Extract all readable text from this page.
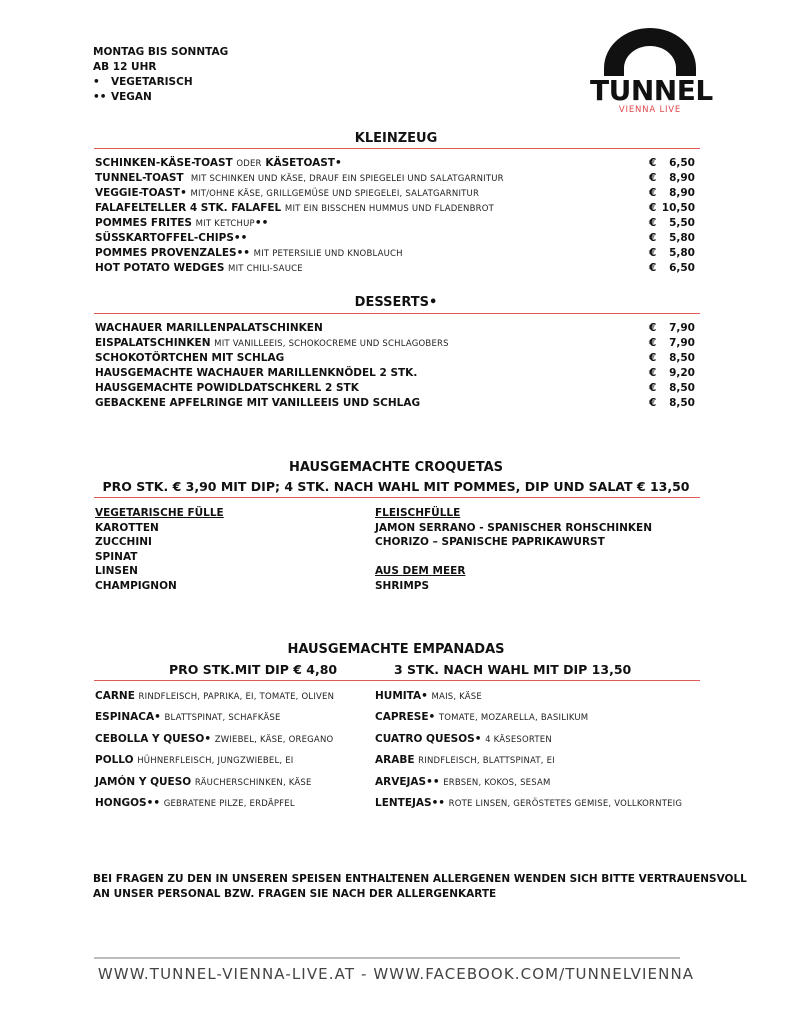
MONTAG BIS SONNTAG
AB 12 UHR
•	VEGETARISCH
•• VEGAN	TUNNEL
VIENNA LIVE
KLEINZEUG
SCHINKEN-KÄSE-TOAST ODER KÄSETOAST•	€ 6,50
TUNNEL-TOAST MIT SCHINKEN UND KÄSE, DRAUF EIN SPIEGELEI UND SALATGARNITUR	€ 8,90
VEGGIE-TOAST• MIT/OHNE KÄSE, GRILLGEMÜSE UND SPIEGELEI, SALATGARNITUR	€ 8,90
FALAFELTELLER 4 STK. FALAFEL MIT EIN BISSCHEN HUMMUS UND FLADENBROT	€ 10,50
POMMES FRITES MIT KETCHUP••	€ 5,50
SÜSSKARTOFFEL-CHIPS••	€ 5,80
POMMES PROVENZALES•• MIT PETERSILIE UND KNOBLAUCH	€ 5,80
HOT POTATO WEDGES MIT CHILI-SAUCE	€ 6,50
DESSERTS•
WACHAUER MARILLENPALATSCHINKEN	€ 7,90
EISPALATSCHINKEN MIT VANILLEEIS, SCHOKOCREME UND SCHLAGOBERS	€ 7,90
SCHOKOTÖRTCHEN MIT SCHLAG	€ 8,50
HAUSGEMACHTE WACHAUER MARILLENKNÖDEL 2 STK.	€ 9,20
HAUSGEMACHTE POWIDLDATSCHKERL 2 STK	€ 8,50
GEBACKENE APFELRINGE MIT VANILLEEIS UND SCHLAG	€ 8,50
HAUSGEMACHTE CROQUETAS
PRO STK. € 3,90 MIT DIP; 4 STK. NACH WAHL MIT POMMES, DIP UND SALAT € 13,50
VEGETARISCHE FÜLLE
KAROTTEN
ZUCCHINI
SPINAT
LINSEN
CHAMPIGNON
FLEISCHFÜLLE
JAMON SERRANO - SPANISCHER ROHSCHINKEN
CHORIZO – SPANISCHE PAPRIKAWURST
AUS DEM MEER
SHRIMPS
HAUSGEMACHTE EMPANADAS
PRO STK.MIT DIP € 4,80	3 STK. NACH WAHL MIT DIP 13,50
CARNE RINDFLEISCH, PAPRIKA, EI, TOMATE, OLIVEN
ESPINACA• BLATTSPINAT, SCHAFKÄSE
CEBOLLA Y QUESO• ZWIEBEL, KÄSE, OREGANO
POLLO HÜHNERFLEISCH, JUNGZWIEBEL, EI
JAMÓN Y QUESO RÄUCHERSCHINKEN, KÄSE
HONGOS•• GEBRATENE PILZE, ERDÄPFEL
HUMITA• MAIS, KÄSE
CAPRESE• TOMATE, MOZARELLA, BASILIKUM
CUATRO QUESOS• 4 KÄSESORTEN
ARABE RINDFLEISCH, BLATTSPINAT, EI
ARVEJAS•• ERBSEN, KOKOS, SESAM
LENTEJAS•• ROTE LINSEN, GERÖSTETES GEMISE, VOLLKORNTEIG
BEI FRAGEN ZU DEN IN UNSEREN SPEISEN ENTHALTENEN ALLERGENEN WENDEN SICH BITTE VERTRAUENSVOLL
AN UNSER PERSONAL BZW. FRAGEN SIE NACH DER ALLERGENKARTE
WWW.TUNNEL-VIENNA-LIVE.AT - WWW.FACEBOOK.COM/TUNNELVIENNA
